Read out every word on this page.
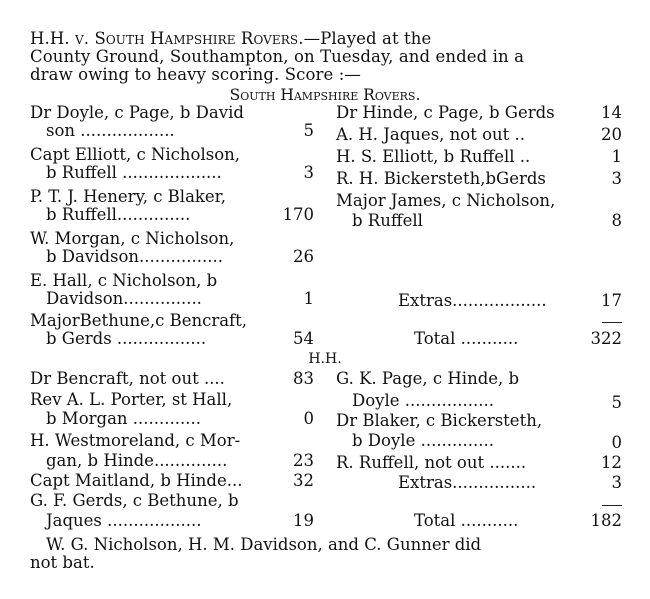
H.H. v. South Hampshire Rovers.—Played at the
County Ground, Southampton, on Tuesday, and ended in a
draw owing to heavy scoring. Score :—
South Hampshire Rovers.
Dr Doyle, c Page, b David
son ..................	5
Capt Elliott, c Nicholson,
b Ruffell ...................	3
P. T. J. Henery, c Blaker,
b Ruffell..............	170
W. Morgan, c Nicholson,
b Davidson................	26
E. Hall, c Nicholson, b
Davidson...............	1
MajorBethune,c Bencraft,
b Gerds .................	54
Dr Hinde, c Page, b Gerds	14
A. H. Jaques, not out ..	20
H. S. Elliott, b Ruffell ..	1
R. H. Bickersteth,bGerds	3
Major James, c Nicholson,
b Ruffell	8
Extras..................	17
Total ...........	322
H.H.
Dr Bencraft, not out ....	83
Rev A. L. Porter, st Hall,
b Morgan .............	0
H. Westmoreland, c Mor-
gan, b Hinde..............	23
Capt Maitland, b Hinde...	32
G. F. Gerds, c Bethune, b
Jaques ..................	19
G. K. Page, c Hinde, b
Doyle .................	5
Dr Blaker, c Bickersteth,
b Doyle ..............	0
R. Ruffell, not out .......	12
Extras................	3
Total ...........	182
W. G. Nicholson, H. M. Davidson, and C. Gunner did
not bat.
